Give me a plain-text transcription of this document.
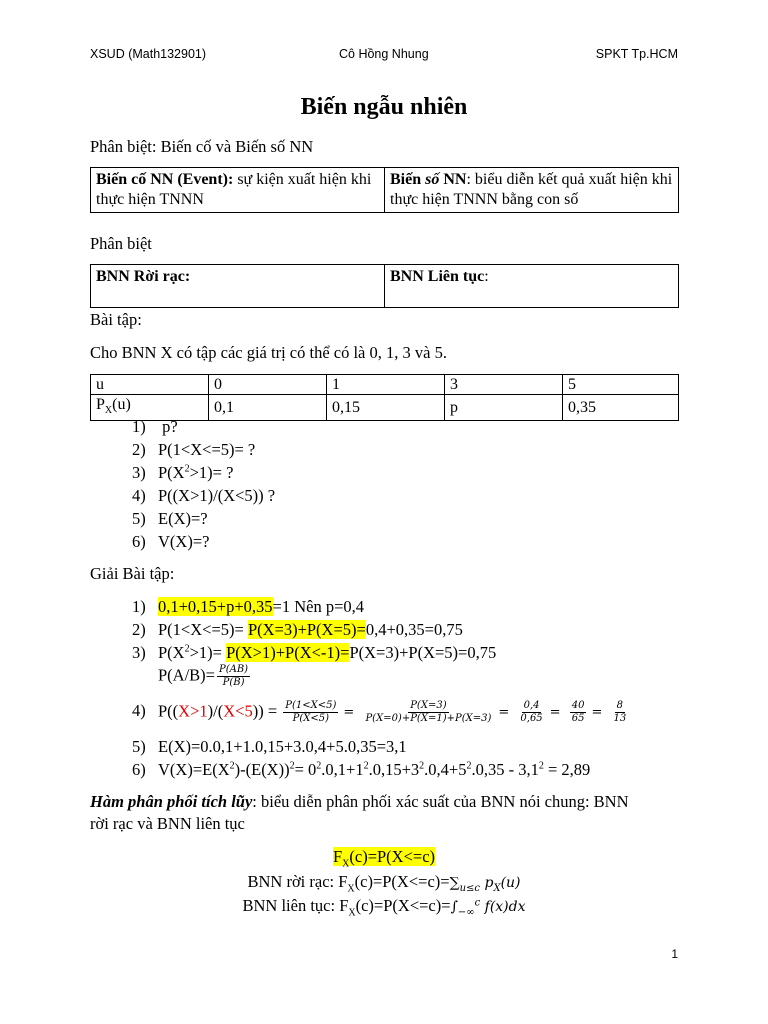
XSUD (Math132901)	Cô Hồng Nhung	SPKT Tp.HCM
Biến ngẫu nhiên
Phân biệt: Biến cố và Biến số NN
Biến cố NN (Event): sự kiện xuất hiện khi thực hiện TNNN	Biến số NN: biểu diễn kết quả xuất hiện khi thực hiện TNNN bằng con số
Phân biệt
BNN Rời rạc:	BNN Liên tục:
Bài tập:
Cho BNN X có tập các giá trị có thể có là 0, 1, 3 và 5.
u	0	1	3	5
$P_X(u)$	0,1	0,15	p	0,35
1) p?
2) P(1<X<=5)= ?
3) $P(X^2>1)=$ ?
4) P((X>1)/(X<5)) ?
5) E(X)=?
6) V(X)=?
Giải Bài tập:
1) 0,1+0,15+p+0,35=1 Nên p=0,4
2) P(1<X<=5)= P(X=3)+P(X=5)=0,4+0,35=0,75
3) $P(X^2>1)= P(X>1)+P(X<-1)=P(X=3)+P(X=5)=0,75$
$P(A/B)= \frac{P(AB)}{P(B)}$
4) $P((X>1)/(X<5)) = \frac{P(1<X<5)}{P(X<5)} = \frac{P(X=3)}{P(X=0)+P(X=1)+P(X=3)} = \frac{0,4}{0,65} = \frac{40}{65} = \frac{8}{13}$
5) E(X)=0.0,1+1.0,15+3.0,4+5.0,35=3,1
6) $V(X)=E(X^2)-(E(X))^2= 0^2.0,1+1^2.0,15+3^2.0,4+5^2.0,35 - 3,1^2 = 2,89$
Hàm phân phối tích lũy: biểu diễn phân phối xác suất của BNN nói chung: BNN
rời rạc và BNN liên tục
$F_X(c)=P(X<=c)$
BNN rời rạc: $F_X(c)=P(X<=c)=\sum_{u\le c}$ $p_X(u)$
BNN liên tục: $F_X(c)=P(X<=c)=\int_{-\infty}^c$ f(x)dx
1
